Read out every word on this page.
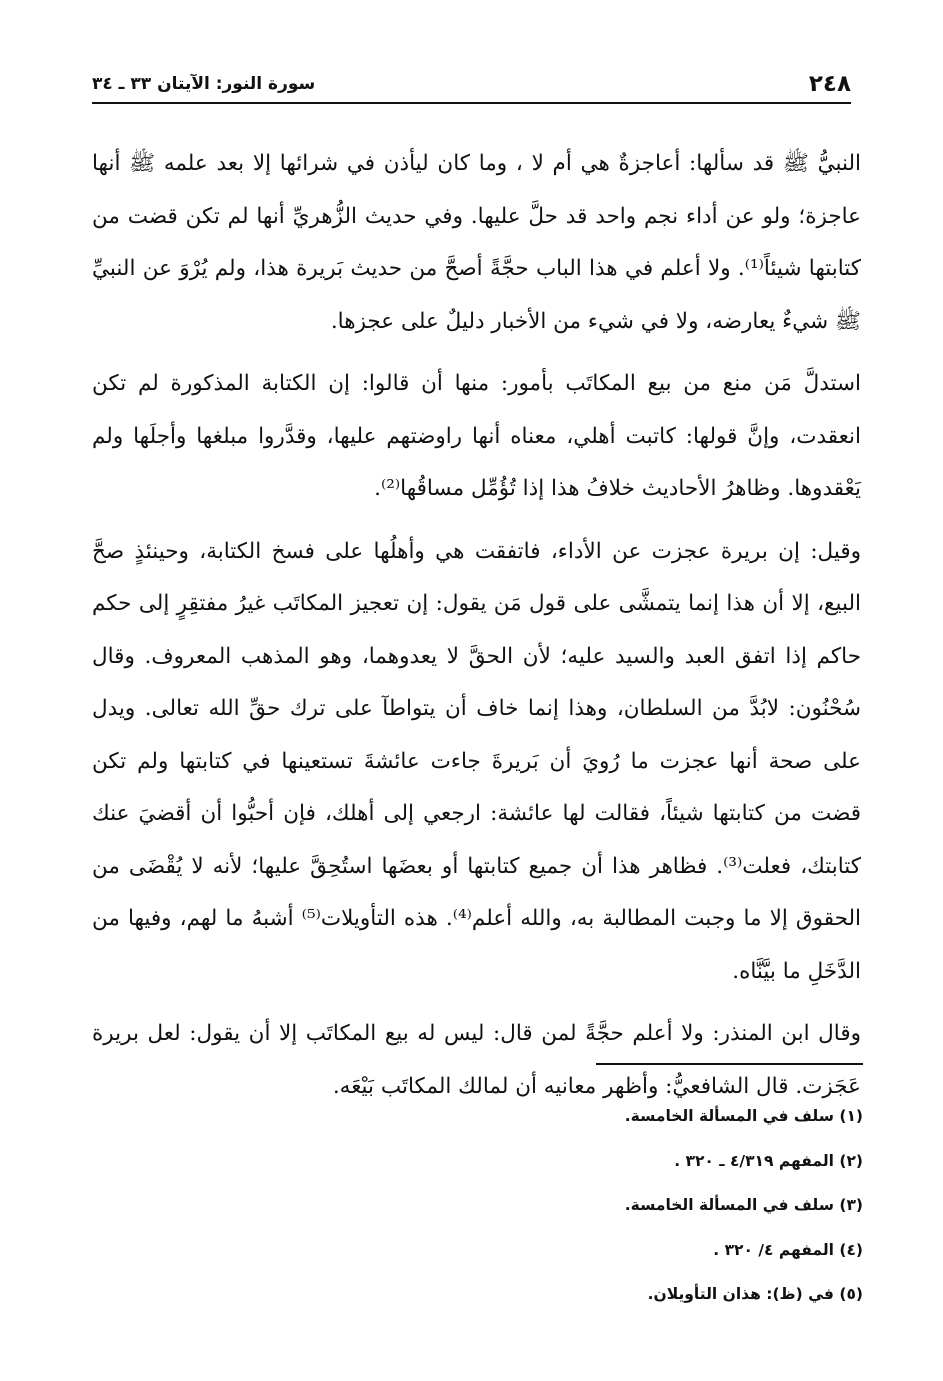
٢٤٨
سورة النور: الآيتان ٣٣ ـ ٣٤

النبيُّ ﷺ قد سألها: أعاجزةٌ هي أم لا ، وما كان ليأذن في شرائها إلا بعد علمه ﷺ أنها عاجزة؛ ولو عن أداء نجم واحد قد حلَّ عليها. وفي حديث الزُّهريِّ أنها لم تكن قضت من كتابتها شيئاً⁽¹⁾. ولا أعلم في هذا الباب حجَّةً أصحَّ من حديث بَريرة هذا، ولم يُرْوَ عن النبيِّ ﷺ شيءٌ يعارضه، ولا في شيء من الأخبار دليلٌ على عجزها.

استدلَّ مَن منع من بيع المكاتَب بأمور: منها أن قالوا: إن الكتابة المذكورة لم تكن انعقدت، وإنَّ قولها: كاتبت أهلي، معناه أنها راوضتهم عليها، وقدَّروا مبلغها وأجلَها ولم يَعْقدوها. وظاهرُ الأحاديث خلافُ هذا إذا تُؤُمِّل مساقُها⁽²⁾.

وقيل: إن بريرة عجزت عن الأداء، فاتفقت هي وأهلُها على فسخ الكتابة، وحينئذٍ صحَّ البيع، إلا أن هذا إنما يتمشَّى على قول مَن يقول: إن تعجيز المكاتَب غيرُ مفتقِرٍ إلى حكم حاكم إذا اتفق العبد والسيد عليه؛ لأن الحقَّ لا يعدوهما، وهو المذهب المعروف. وقال سُحْنُون: لابُدَّ من السلطان، وهذا إنما خاف أن يتواطآ على ترك حقِّ الله تعالى. ويدل على صحة أنها عجزت ما رُويَ أن بَريرةَ جاءت عائشةَ تستعينها في كتابتها ولم تكن قضت من كتابتها شيئاً، فقالت لها عائشة: ارجعي إلى أهلك، فإن أحبُّوا أن أقضيَ عنك كتابتك، فعلت⁽³⁾. فظاهر هذا أن جميع كتابتها أو بعضَها استُحِقَّ عليها؛ لأنه لا يُقْضَى من الحقوق إلا ما وجبت المطالبة به، والله أعلم⁽⁴⁾. هذه التأويلات⁽⁵⁾ أشبهُ ما لهم، وفيها من الدَّخَلِ ما بيَّنَّاه.

وقال ابن المنذر: ولا أعلم حجَّةً لمن قال: ليس له بيع المكاتَب إلا أن يقول: لعل بريرة عَجَزت. قال الشافعيُّ: وأظهر معانيه أن لمالك المكاتَب بَيْعَه.

(١) سلف في المسألة الخامسة.

(٢) المفهم ٤/٣١٩ ـ ٣٢٠ .

(٣) سلف في المسألة الخامسة.

(٤) المفهم ٤/ ٣٢٠ .

(٥) في (ظ): هذان التأويلان.
